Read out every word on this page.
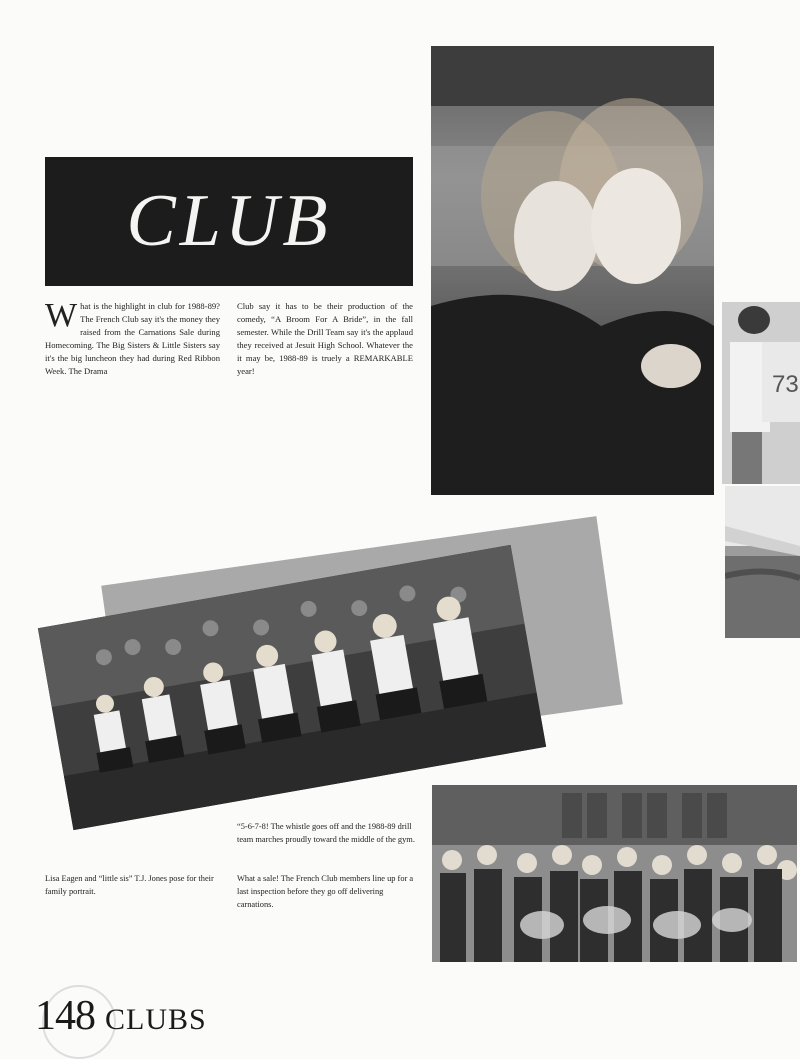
CLUB
W hat is the highlight in club for 1988-89? The French Club say it's the money they raised from the Carnations Sale during Homecoming. The Big Sisters & Little Sisters say it's the big luncheon they had during Red Ribbon Week. The Drama
Club say it has to be their production of the comedy, “A Broom For A Bride”, in the fall semester. While the Drill Team say it's the applaud they received at Jesuit High School. Whatever the it may be, 1988-89 is truely a REMARKABLE year!	73
Lisa Eagen and “little sis” T.J. Jones pose for their family portrait.
“5-6-7-8! The whistle goes off and the 1988-89 drill team marches proudly toward the middle of the gym.
What a sale! The French Club members line up for a last inspection before they go off delivering carnations.
148 CLUBS
